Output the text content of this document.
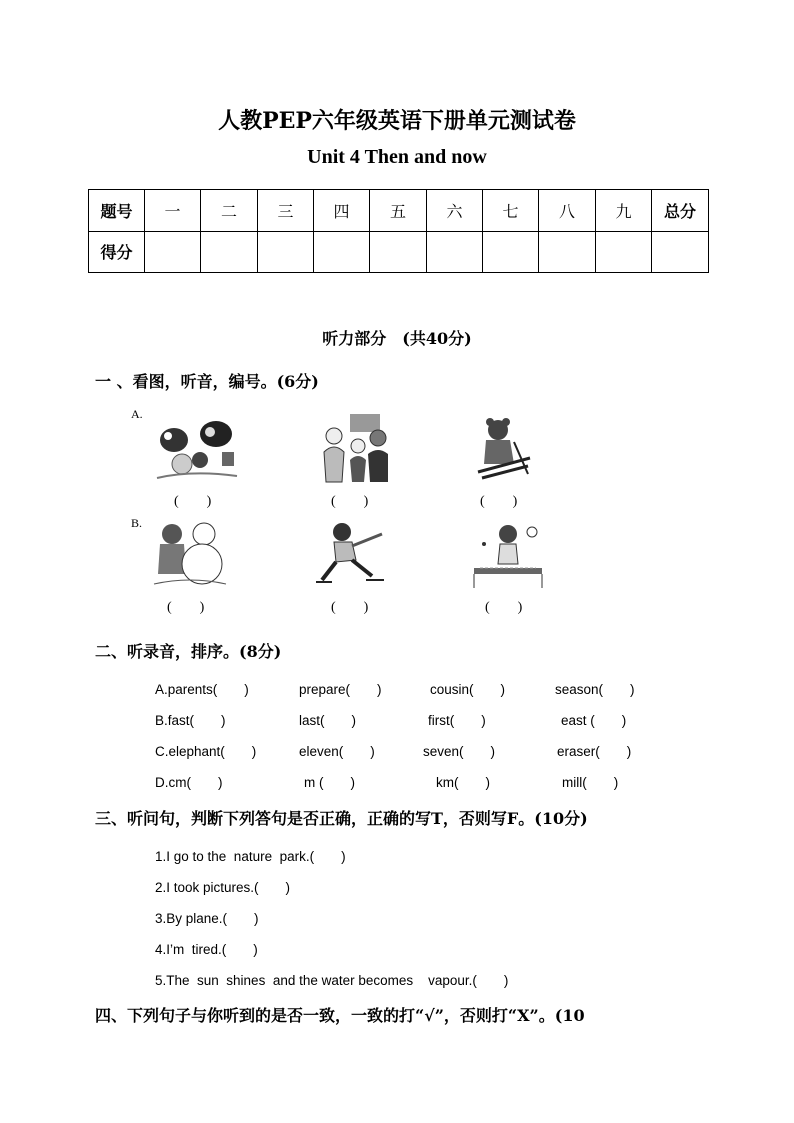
人教PEP六年级英语下册单元测试卷
Unit 4 Then and now
题号	一	二	三	四	五	六	七	八	九	总分
得分										
听力部分　(共40分)
一 、看图，听音，编号。(6分)
A.
B.
(　　)	(　　)	(　　)
(　　)	(　　)	(　　)
二、听录音，排序。(8分)
A.parents(　　)	prepare(　　)	cousin(　　)	season(　　)
B.fast(　　)	last(　　)	first(　　)	east (　　)
C.elephant(　　)	eleven(　　)	seven(　　)	eraser(　　)
D.cm(　　)	m (　　)	km(　　)	mill(　　)
三、听问句，判断下列答句是否正确，正确的写T，否则写F。(10分)
1.I go to the  nature  park.(　　)
2.I took pictures.(　　)
3.By plane.(　　)
4.I’m  tired.(　　)
5.The  sun  shines  and the water becomes    vapour.(　　)
四、下列句子与你听到的是否一致，一致的打“√”，否则打“X”。(10
